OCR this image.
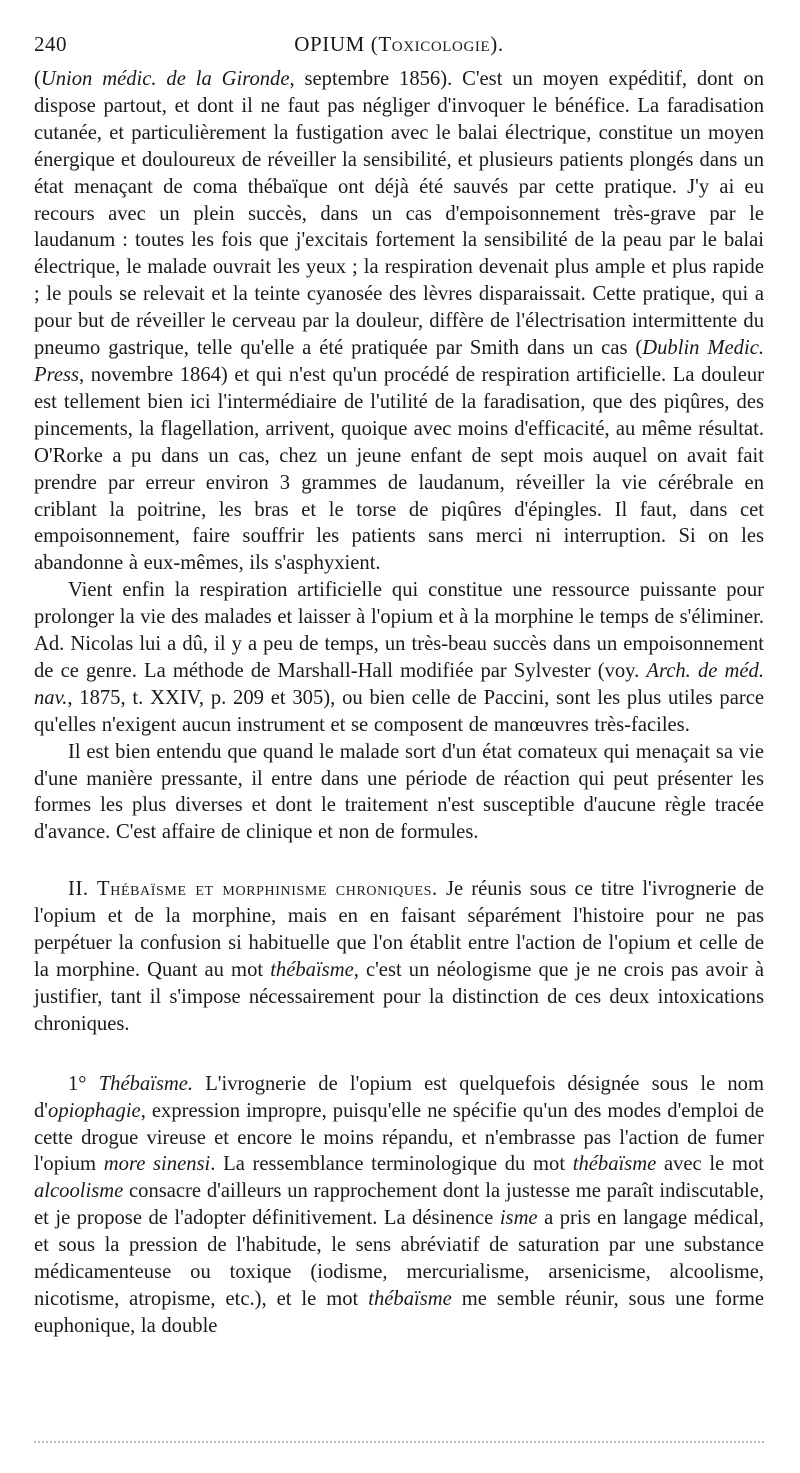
240	OPIUM (Toxicologie).

(Union médic. de la Gironde, septembre 1856). C'est un moyen expéditif, dont on dispose partout, et dont il ne faut pas négliger d'invoquer le bénéfice. La faradisation cutanée, et particulièrement la fustigation avec le balai électrique, constitue un moyen énergique et douloureux de réveiller la sensibilité, et plusieurs patients plongés dans un état menaçant de coma thébaïque ont déjà été sauvés par cette pratique. J'y ai eu recours avec un plein succès, dans un cas d'empoisonnement très-grave par le laudanum : toutes les fois que j'excitais fortement la sensibilité de la peau par le balai électrique, le malade ouvrait les yeux ; la respiration devenait plus ample et plus rapide ; le pouls se relevait et la teinte cyanosée des lèvres disparaissait. Cette pratique, qui a pour but de réveiller le cerveau par la douleur, diffère de l'électrisation intermittente du pneumo gastrique, telle qu'elle a été pratiquée par Smith dans un cas (Dublin Medic. Press, novembre 1864) et qui n'est qu'un procédé de respiration artificielle. La douleur est tellement bien ici l'intermédiaire de l'utilité de la faradisation, que des piqûres, des pincements, la flagellation, arrivent, quoique avec moins d'efficacité, au même résultat. O'Rorke a pu dans un cas, chez un jeune enfant de sept mois auquel on avait fait prendre par erreur environ 3 grammes de laudanum, réveiller la vie cérébrale en criblant la poitrine, les bras et le torse de piqûres d'épingles. Il faut, dans cet empoisonnement, faire souffrir les patients sans merci ni interruption. Si on les abandonne à eux-mêmes, ils s'asphyxient.

Vient enfin la respiration artificielle qui constitue une ressource puissante pour prolonger la vie des malades et laisser à l'opium et à la morphine le temps de s'éliminer. Ad. Nicolas lui a dû, il y a peu de temps, un très-beau succès dans un empoisonnement de ce genre. La méthode de Marshall-Hall modifiée par Sylvester (voy. Arch. de méd. nav., 1875, t. XXIV, p. 209 et 305), ou bien celle de Paccini, sont les plus utiles parce qu'elles n'exigent aucun instrument et se composent de manœuvres très-faciles.

Il est bien entendu que quand le malade sort d'un état comateux qui menaçait sa vie d'une manière pressante, il entre dans une période de réaction qui peut présenter les formes les plus diverses et dont le traitement n'est susceptible d'aucune règle tracée d'avance. C'est affaire de clinique et non de formules.

II. Thébaïsme et morphinisme chroniques. Je réunis sous ce titre l'ivrognerie de l'opium et de la morphine, mais en en faisant séparément l'histoire pour ne pas perpétuer la confusion si habituelle que l'on établit entre l'action de l'opium et celle de la morphine. Quant au mot thébaïsme, c'est un néologisme que je ne crois pas avoir à justifier, tant il s'impose nécessairement pour la distinction de ces deux intoxications chroniques.

1° Thébaïsme. L'ivrognerie de l'opium est quelquefois désignée sous le nom d'opiophagie, expression impropre, puisqu'elle ne spécifie qu'un des modes d'emploi de cette drogue vireuse et encore le moins répandu, et n'embrasse pas l'action de fumer l'opium more sinensi. La ressemblance terminologique du mot thébaïsme avec le mot alcoolisme consacre d'ailleurs un rapprochement dont la justesse me paraît indiscutable, et je propose de l'adopter définitivement. La désinence isme a pris en langage médical, et sous la pression de l'habitude, le sens abréviatif de saturation par une substance médicamenteuse ou toxique (iodisme, mercurialisme, arsenicisme, alcoolisme, nicotisme, atropisme, etc.), et le mot thébaïsme me semble réunir, sous une forme euphonique, la double
